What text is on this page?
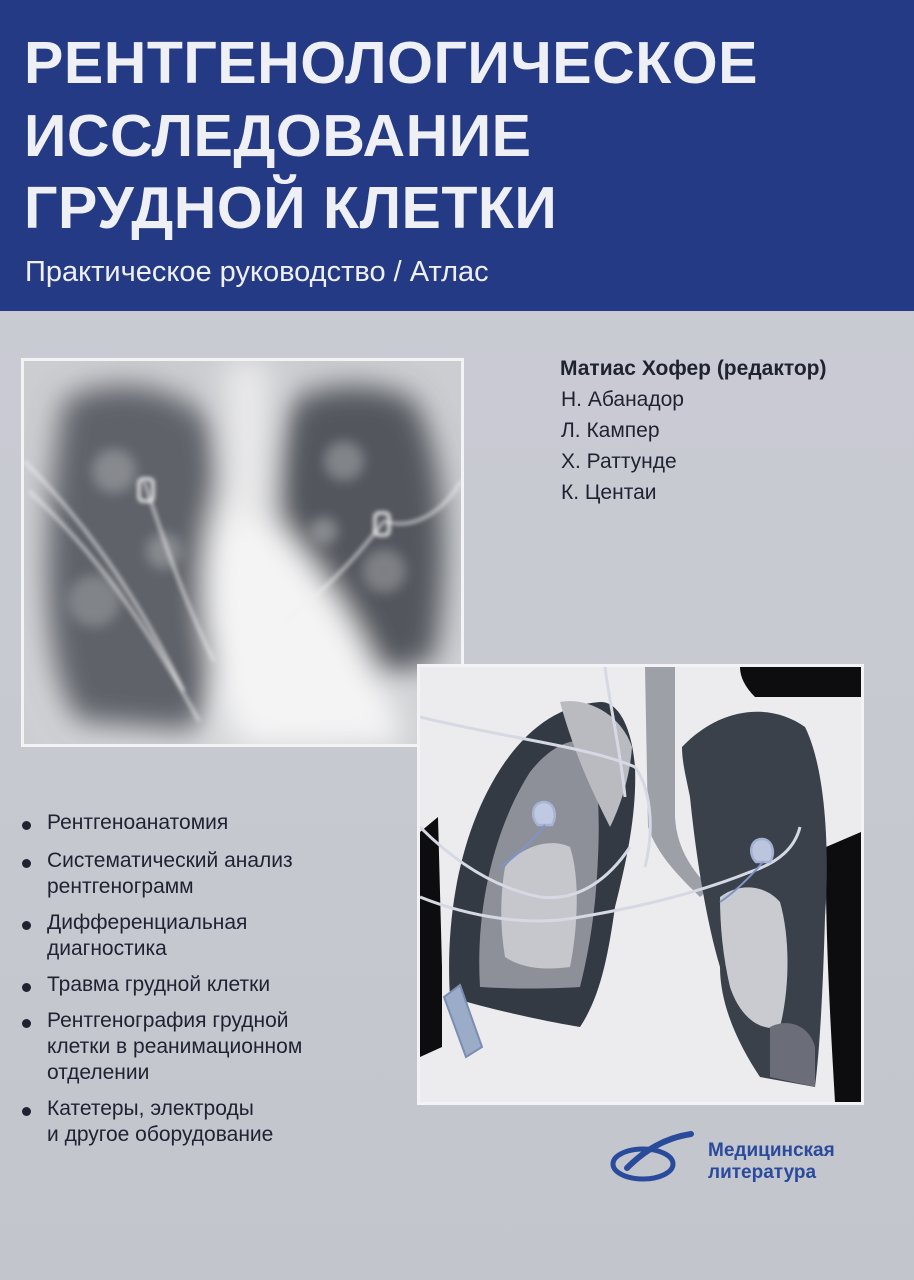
РЕНТГЕНОЛОГИЧЕСКОЕ
ИССЛЕДОВАНИЕ
ГРУДНОЙ КЛЕТКИ
Практическое руководство / Атлас
Матиас Хофер (редактор)
Н. Абанадор
Л. Кампер
Х. Раттунде
К. Центаи
Рентгеноанатомия
Систематический анализ
рентгенограмм
Дифференциальная
диагностика
Травма грудной клетки
Рентгенография грудной
клетки в реанимационном
отделении
Катетеры, электроды
и другое оборудование
Медицинская
литература
